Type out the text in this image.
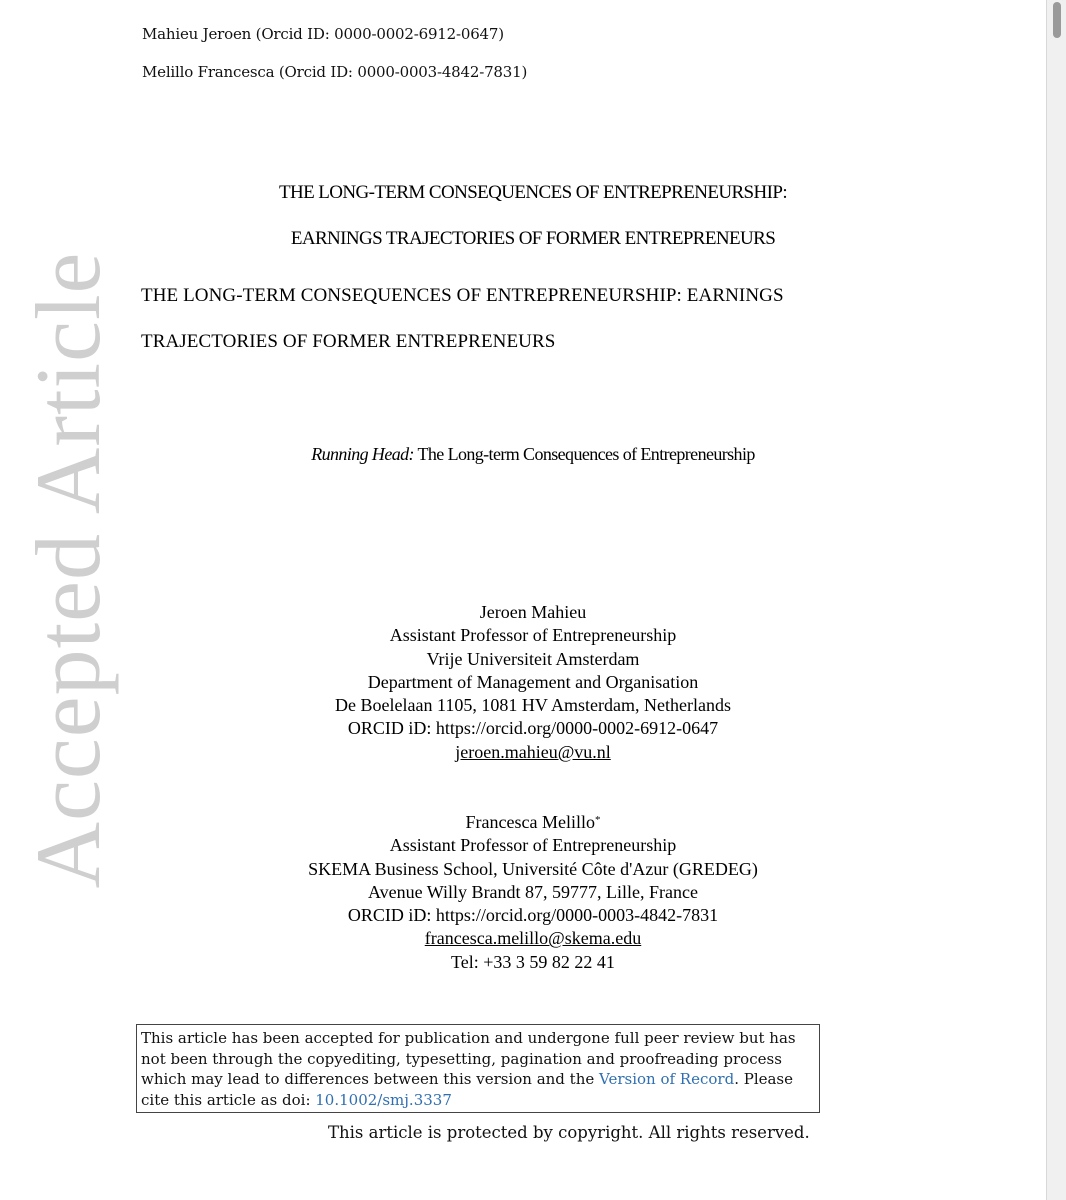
Accepted Article
Mahieu Jeroen (Orcid ID: 0000-0002-6912-0647)
Melillo Francesca (Orcid ID: 0000-0003-4842-7831)
THE LONG-TERM CONSEQUENCES OF ENTREPRENEURSHIP:
EARNINGS TRAJECTORIES OF FORMER ENTREPRENEURS
THE LONG-TERM CONSEQUENCES OF ENTREPRENEURSHIP: EARNINGS
TRAJECTORIES OF FORMER ENTREPRENEURS
Running Head: The Long-term Consequences of Entrepreneurship
Jeroen Mahieu
Assistant Professor of Entrepreneurship
Vrije Universiteit Amsterdam
Department of Management and Organisation
De Boelelaan 1105, 1081 HV Amsterdam, Netherlands
ORCID iD: https://orcid.org/0000-0002-6912-0647
jeroen.mahieu@vu.nl
Francesca Melillo*
Assistant Professor of Entrepreneurship
SKEMA Business School, Université Côte d'Azur (GREDEG)
Avenue Willy Brandt 87, 59777, Lille, France
ORCID iD: https://orcid.org/0000-0003-4842-7831
francesca.melillo@skema.edu
Tel: +33 3 59 82 22 41
This article has been accepted for publication and undergone full peer review but has not been through the copyediting, typesetting, pagination and proofreading process which may lead to differences between this version and the Version of Record. Please cite this article as doi: 10.1002/smj.3337
This article is protected by copyright. All rights reserved.
